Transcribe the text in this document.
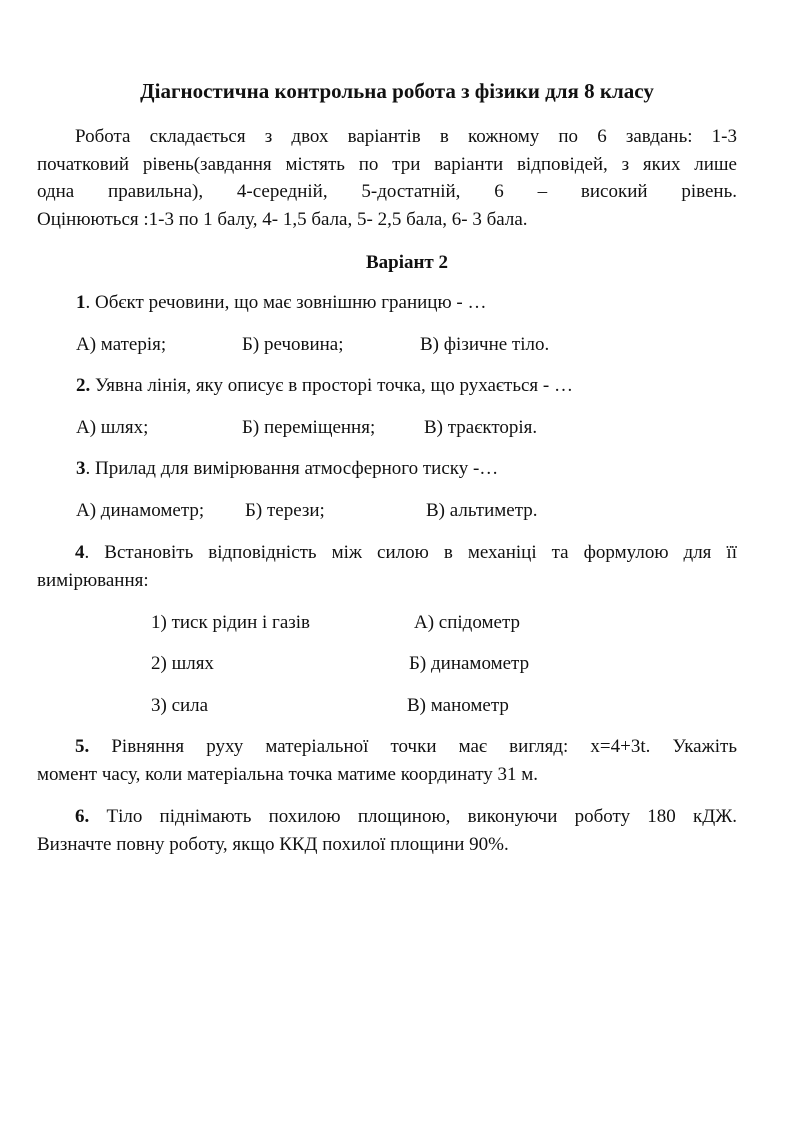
Діагностична контрольна робота з фізики для 8 класу
Робота складається з двох варіантів в кожному по 6 завдань: 1-3
початковий рівень(завдання містять по три варіанти відповідей, з яких лише
одна правильна), 4-середній, 5-достатній, 6 – високий рівень.
Оцінюються :1-3 по 1 балу, 4- 1,5 бала, 5- 2,5 бала, 6- 3 бала.
Варіант 2
1. Обєкт речовини, що має зовнішню границю - …
А) матерія;	Б) речовина;	В) фізичне тіло.
2. Уявна лінія, яку описує в просторі точка, що рухається - …
А) шлях;	Б) переміщення;	В) траєкторія.
3. Прилад для вимірювання атмосферного тиску -…
А) динамометр; Б) терези;	В) альтиметр.
4. Встановіть відповідність між силою в механіці та формулою для її
вимірювання:
1) тиск рідин і газів	А) спідометр
2) шлях	Б) динамометр
3) сила	В) манометр
5. Рівняння руху матеріальної точки має вигляд: x=4+3t. Укажіть
момент часу, коли матеріальна точка матиме координату 31 м.
6. Тіло піднімають похилою площиною, виконуючи роботу 180 кДЖ.
Визначте повну роботу, якщо ККД похилої площини 90%.
